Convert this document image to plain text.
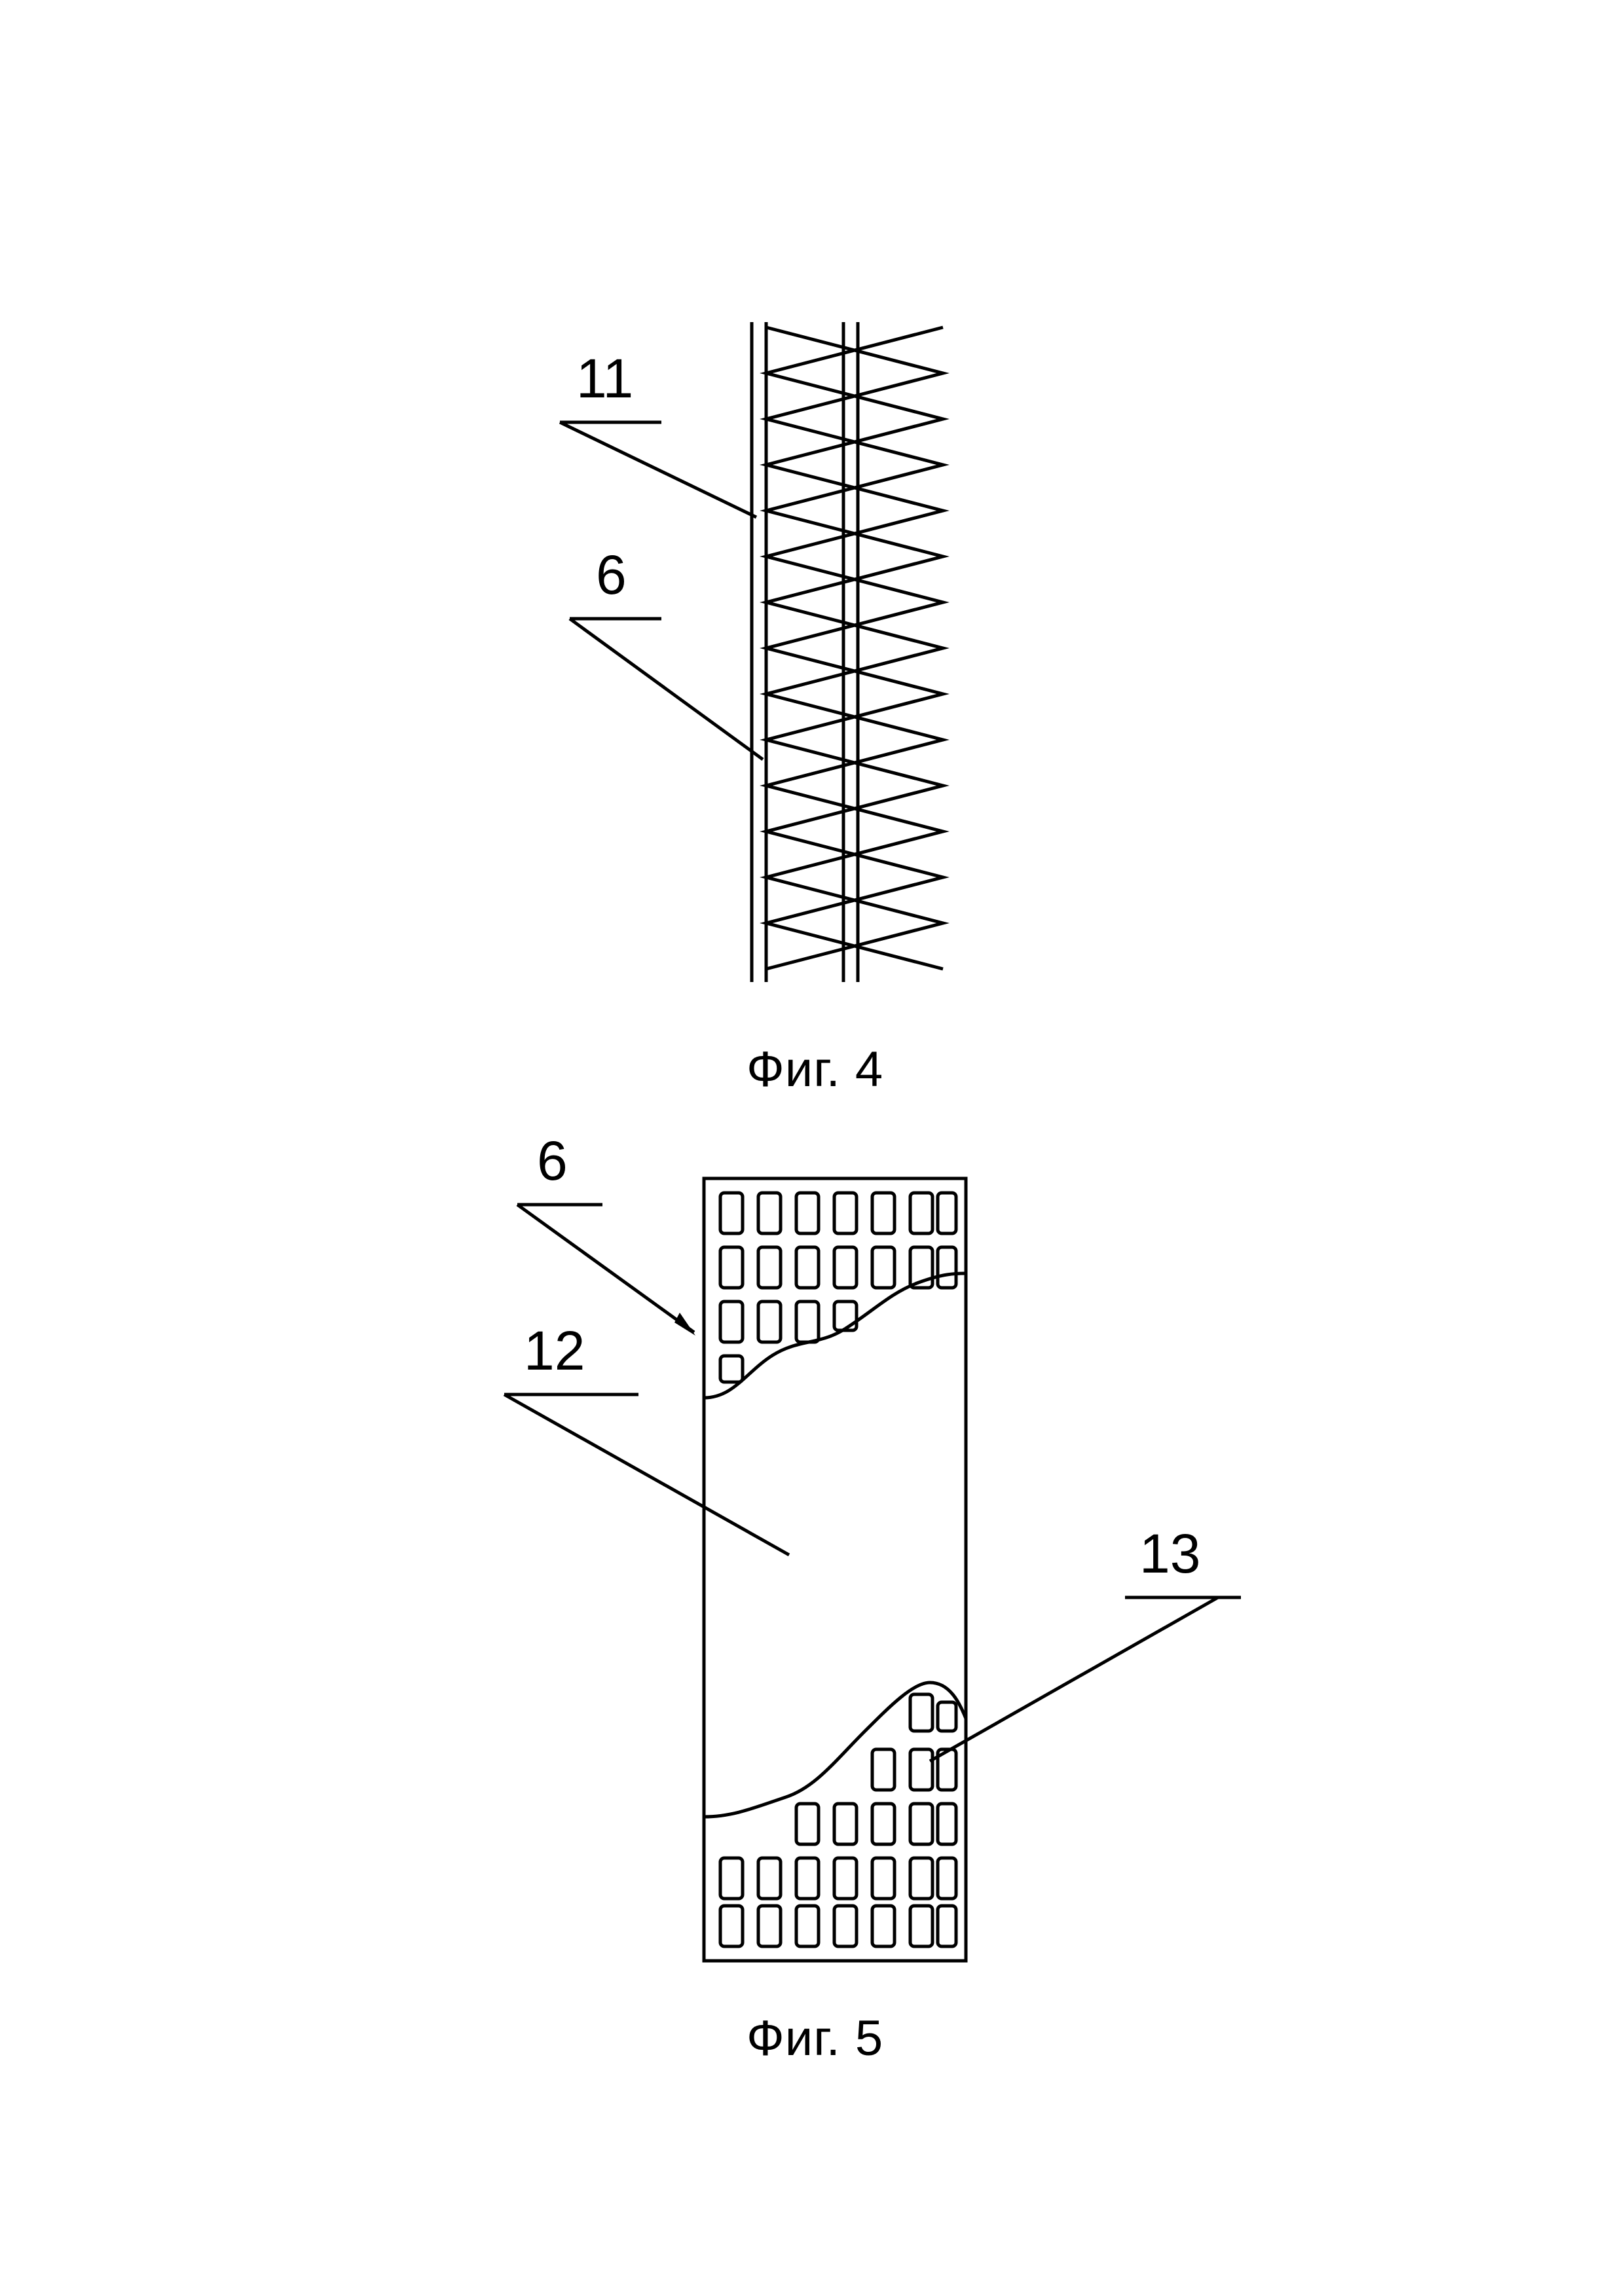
11
6
Фиг. 4
6
12
13
Фиг. 5
